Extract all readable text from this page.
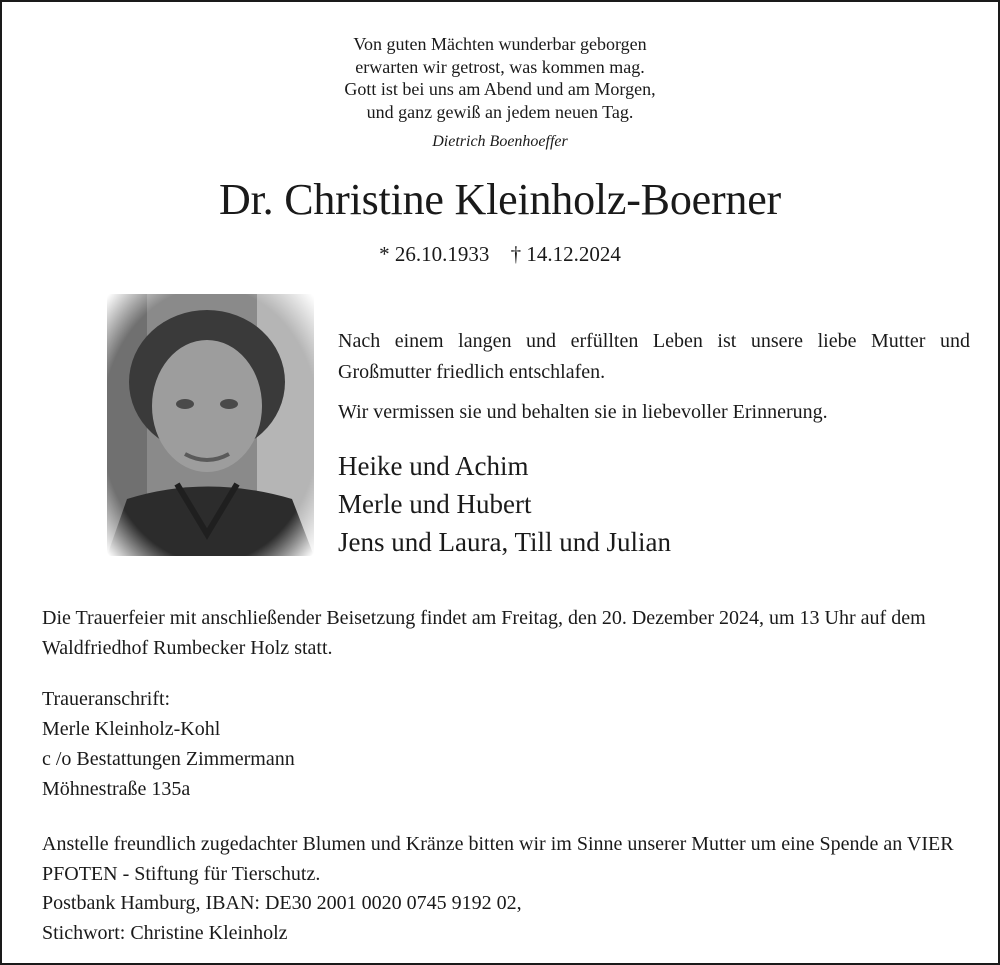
Von guten Mächten wunderbar geborgen
erwarten wir getrost, was kommen mag.
Gott ist bei uns am Abend und am Morgen,
und ganz gewiß an jedem neuen Tag.
Dietrich Boenhoeffer
Dr. Christine Kleinholz-Boerner
* 26.10.1933 † 14.12.2024
Nach einem langen und erfüllten Leben ist unsere liebe Mutter und Großmutter friedlich entschlafen.
Wir vermissen sie und behalten sie in liebevoller Erinnerung.
Heike und Achim
Merle und Hubert
Jens und Laura, Till und Julian
Die Trauerfeier mit anschließender Beisetzung findet am Freitag, den 20. Dezember 2024, um 13 Uhr auf dem Waldfriedhof Rumbecker Holz statt.
Traueranschrift:
Merle Kleinholz-Kohl
c /o Bestattungen Zimmermann
Möhnestraße 135a
Anstelle freundlich zugedachter Blumen und Kränze bitten wir im Sinne unserer Mutter um eine Spende an VIER PFOTEN - Stiftung für Tierschutz.
Postbank Hamburg, IBAN: DE30 2001 0020 0745 9192 02,
Stichwort: Christine Kleinholz
